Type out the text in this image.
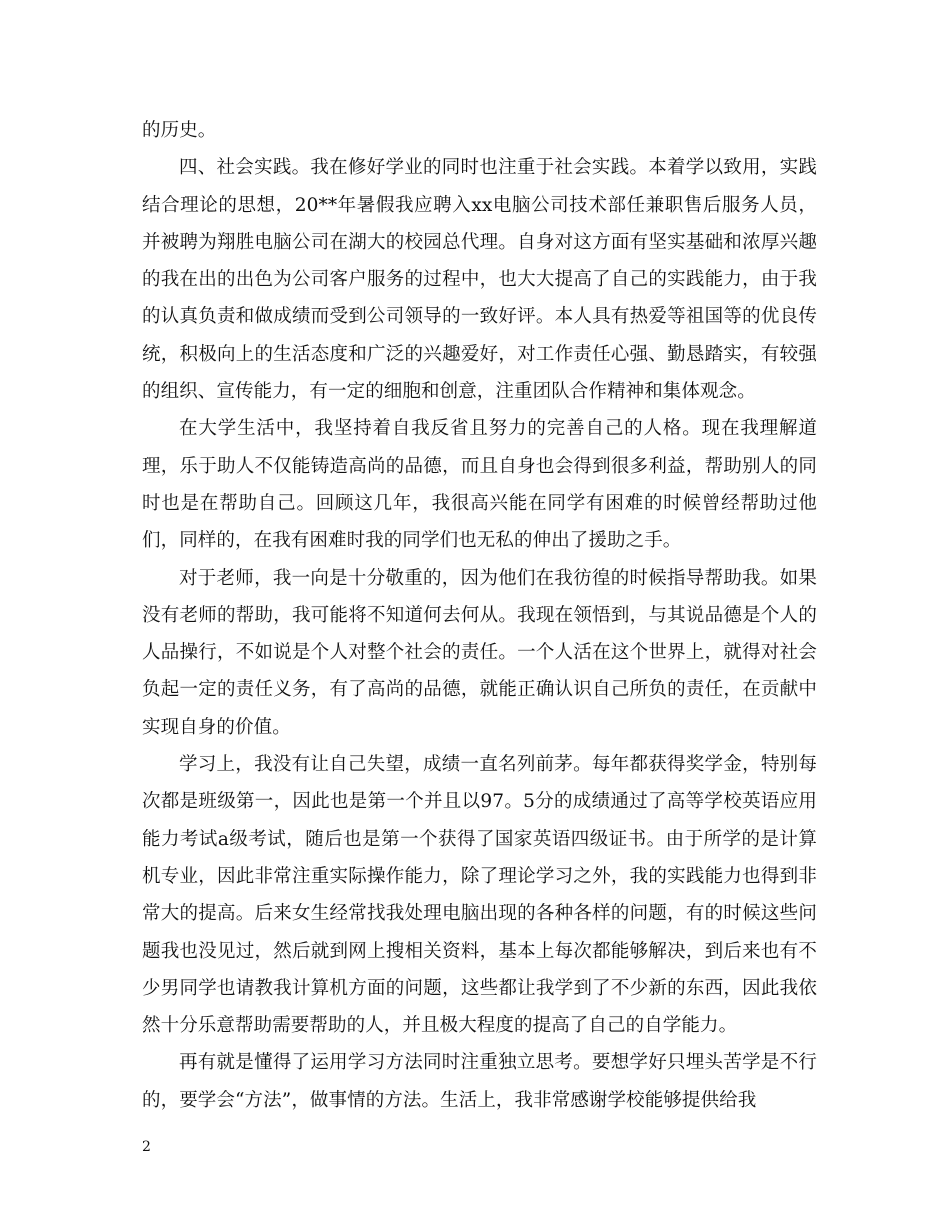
的历史。

四、社会实践。我在修好学业的同时也注重于社会实践。本着学以致用，实践结合理论的思想，20**年暑假我应聘入xx电脑公司技术部任兼职售后服务人员，并被聘为翔胜电脑公司在湖大的校园总代理。自身对这方面有坚实基础和浓厚兴趣的我在出的出色为公司客户服务的过程中，也大大提高了自己的实践能力，由于我的认真负责和做成绩而受到公司领导的一致好评。本人具有热爱等祖国等的优良传统，积极向上的生活态度和广泛的兴趣爱好，对工作责任心强、勤恳踏实，有较强的组织、宣传能力，有一定的细胞和创意，注重团队合作精神和集体观念。

在大学生活中，我坚持着自我反省且努力的完善自己的人格。现在我理解道理，乐于助人不仅能铸造高尚的品德，而且自身也会得到很多利益，帮助别人的同时也是在帮助自己。回顾这几年，我很高兴能在同学有困难的时候曾经帮助过他们，同样的，在我有困难时我的同学们也无私的伸出了援助之手。

对于老师，我一向是十分敬重的，因为他们在我彷徨的时候指导帮助我。如果没有老师的帮助，我可能将不知道何去何从。我现在领悟到，与其说品德是个人的人品操行，不如说是个人对整个社会的责任。一个人活在这个世界上，就得对社会负起一定的责任义务，有了高尚的品德，就能正确认识自己所负的责任，在贡献中实现自身的价值。

学习上，我没有让自己失望，成绩一直名列前茅。每年都获得奖学金，特别每次都是班级第一，因此也是第一个并且以97。5分的成绩通过了高等学校英语应用能力考试a级考试，随后也是第一个获得了国家英语四级证书。由于所学的是计算机专业，因此非常注重实际操作能力，除了理论学习之外，我的实践能力也得到非常大的提高。后来女生经常找我处理电脑出现的各种各样的问题，有的时候这些问题我也没见过，然后就到网上搜相关资料，基本上每次都能够解决，到后来也有不少男同学也请教我计算机方面的问题，这些都让我学到了不少新的东西，因此我依然十分乐意帮助需要帮助的人，并且极大程度的提高了自己的自学能力。

再有就是懂得了运用学习方法同时注重独立思考。要想学好只埋头苦学是不行的，要学会“方法”，做事情的方法。生活上，我非常感谢学校能够提供给我

2
